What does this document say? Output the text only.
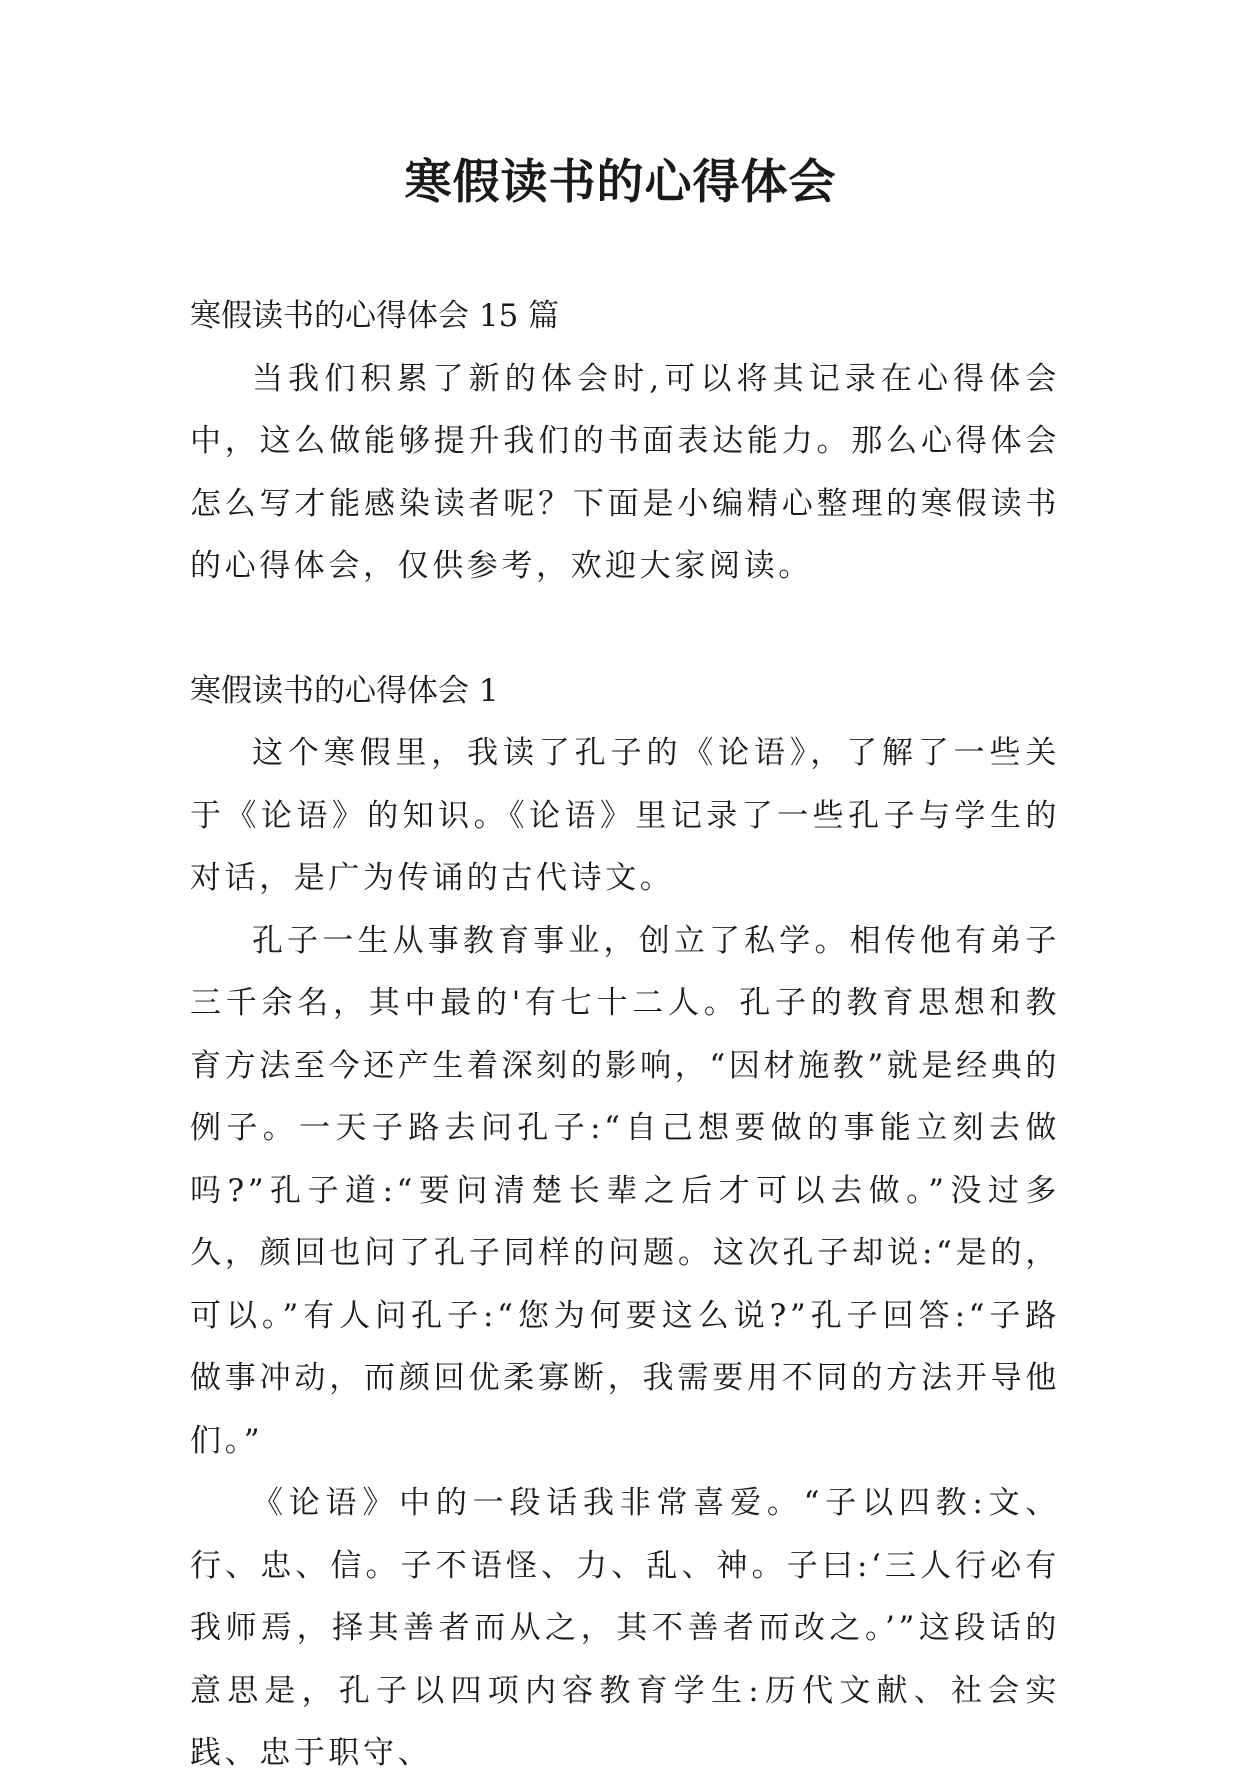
寒假读书的心得体会

寒假读书的心得体会 15 篇

当我们积累了新的体会时,可以将其记录在心得体会中，这么做能够提升我们的书面表达能力。那么心得体会怎么写才能感染读者呢？下面是小编精心整理的寒假读书的心得体会，仅供参考，欢迎大家阅读。

寒假读书的心得体会 1

这个寒假里，我读了孔子的《论语》，了解了一些关于《论语》的知识。《论语》里记录了一些孔子与学生的对话，是广为传诵的古代诗文。

孔子一生从事教育事业，创立了私学。相传他有弟子三千余名，其中最的'有七十二人。孔子的教育思想和教育方法至今还产生着深刻的影响，“因材施教”就是经典的例子。一天子路去问孔子:“自己想要做的事能立刻去做吗?”孔子道:“要问清楚长辈之后才可以去做。”没过多久，颜回也问了孔子同样的问题。这次孔子却说:“是的，可以。”有人问孔子:“您为何要这么说?”孔子回答:“子路做事冲动，而颜回优柔寡断，我需要用不同的方法开导他们。”

《论语》中的一段话我非常喜爱。“子以四教:文、行、忠、信。子不语怪、力、乱、神。子曰:‘三人行必有我师焉，择其善者而从之，其不善者而改之。’”这段话的意思是，孔子以四项内容教育学生:历代文献、社会实践、忠于职守、
